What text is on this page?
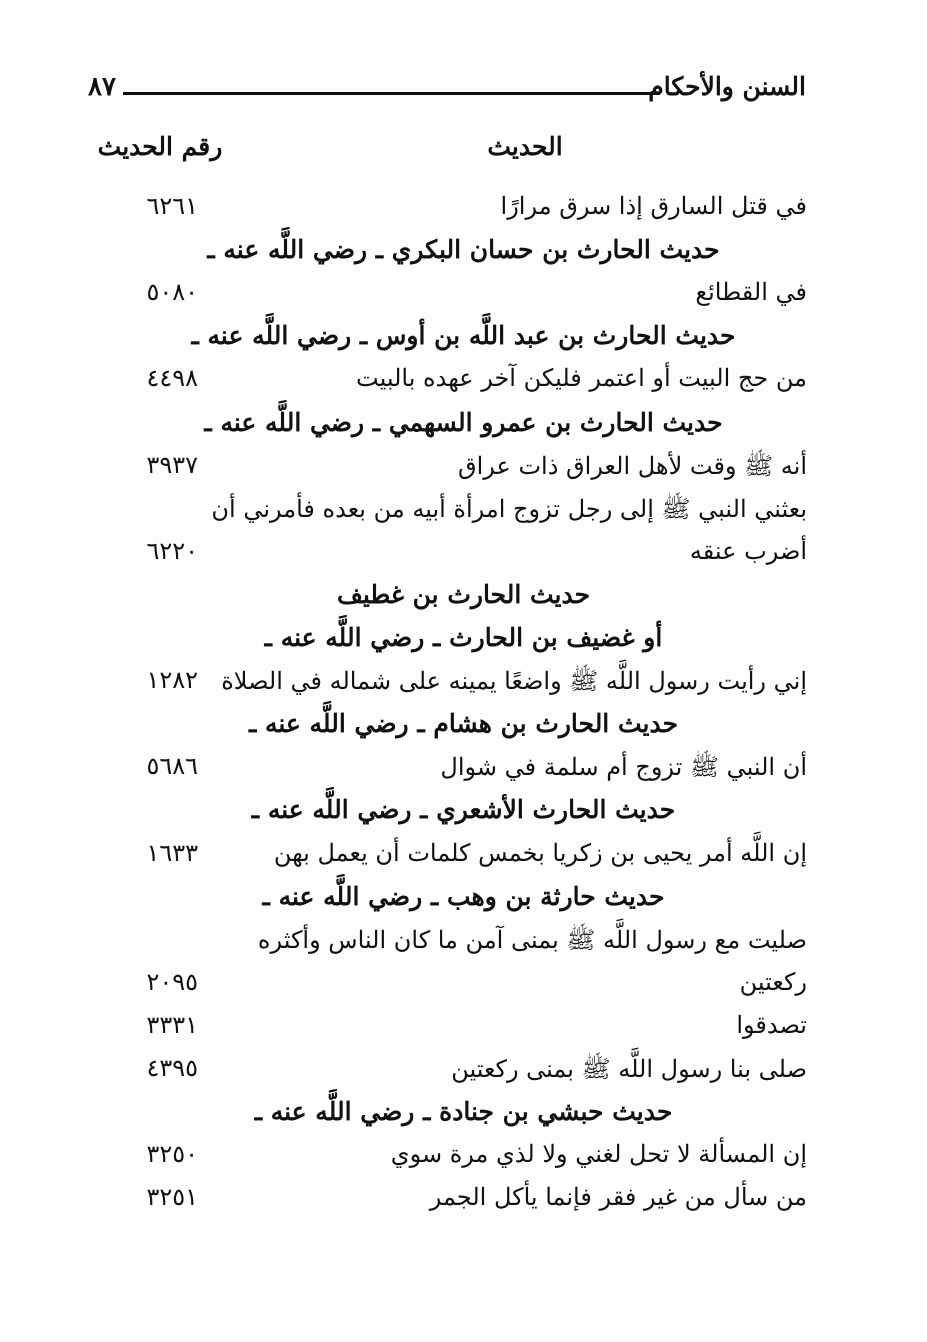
٨٧	السنن والأحكام
الحديث
رقم الحديث
في قتل السارق إذا سرق مرارًا
٦٢٦١
حديث الحارث بن حسان البكري ـ رضي اللَّه عنه ـ
في القطائع
٥٠٨٠
حديث الحارث بن عبد اللَّه بن أوس ـ رضي اللَّه عنه ـ
من حج البيت أو اعتمر فليكن آخر عهده بالبيت
٤٤٩٨
حديث الحارث بن عمرو السهمي ـ رضي اللَّه عنه ـ
أنه ﷺ وقت لأهل العراق ذات عراق
٣٩٣٧
بعثني النبي ﷺ إلى رجل تزوج امرأة أبيه من بعده فأمرني أن
أضرب عنقه
٦٢٢٠
حديث الحارث بن غطيف
أو غضيف بن الحارث ـ رضي اللَّه عنه ـ
إني رأيت رسول اللَّه ﷺ واضعًا يمينه على شماله في الصلاة
١٢٨٢
حديث الحارث بن هشام ـ رضي اللَّه عنه ـ
أن النبي ﷺ تزوج أم سلمة في شوال
٥٦٨٦
حديث الحارث الأشعري ـ رضي اللَّه عنه ـ
إن اللَّه أمر يحيى بن زكريا بخمس كلمات أن يعمل بهن
١٦٣٣
حديث حارثة بن وهب ـ رضي اللَّه عنه ـ
صليت مع رسول اللَّه ﷺ بمنى آمن ما كان الناس وأكثره
ركعتين
٢٠٩٥
تصدقوا
٣٣٣١
صلى بنا رسول اللَّه ﷺ بمنى ركعتين
٤٣٩٥
حديث حبشي بن جنادة ـ رضي اللَّه عنه ـ
إن المسألة لا تحل لغني ولا لذي مرة سوي
٣٢٥٠
من سأل من غير فقر فإنما يأكل الجمر
٣٢٥١
